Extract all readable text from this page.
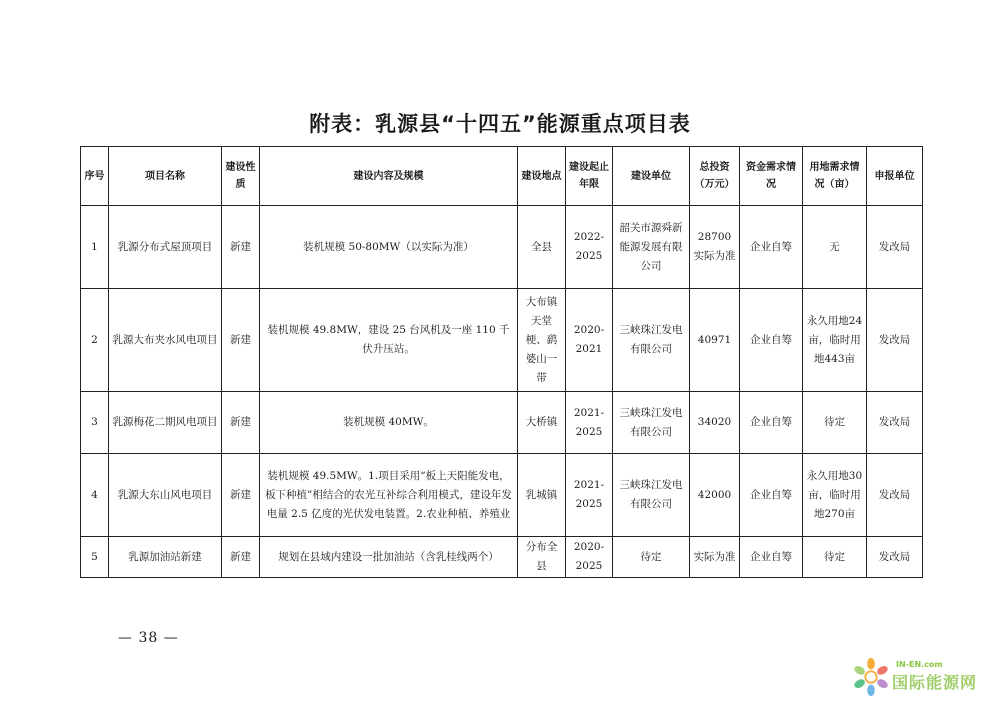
附表：乳源县“十四五”能源重点项目表
序号	项目名称	建设性质	建设内容及规模	建设地点	建设起止年限	建设单位	总投资（万元）	资金需求情况	用地需求情况（亩）	申报单位
1	乳源分布式屋顶项目	新建	装机规模 50-80MW（以实际为准）	全县	2022-2025	韶关市源舜新能源发展有限公司	28700实际为准	企业自筹	无	发改局
2	乳源大布夹水风电项目	新建	装机规模 49.8MW，建设 25 台风机及一座 110 千伏升压站。	大布镇天堂梗、鹞婆山一带	2020-2021	三峡珠江发电有限公司	40971	企业自筹	永久用地24亩，临时用地443亩	发改局
3	乳源梅花二期风电项目	新建	装机规模 40MW。	大桥镇	2021-2025	三峡珠江发电有限公司	34020	企业自筹	待定	发改局
4	乳源大东山风电项目	新建	装机规模 49.5MW。1.项目采用“板上天阳能发电，板下种植”相结合的农光互补综合利用模式，建设年发电量 2.5 亿度的光伏发电装置。2.农业种植、养殖业	乳城镇	2021-2025	三峡珠江发电有限公司	42000	企业自筹	永久用地30亩，临时用地270亩	发改局
5	乳源加油站新建	新建	规划在县域内建设一批加油站（含乳桂线两个）	分布全县	2020-2025	待定	实际为准	企业自筹	待定	发改局
— 38 —
IN-EN.com
国际能源网
